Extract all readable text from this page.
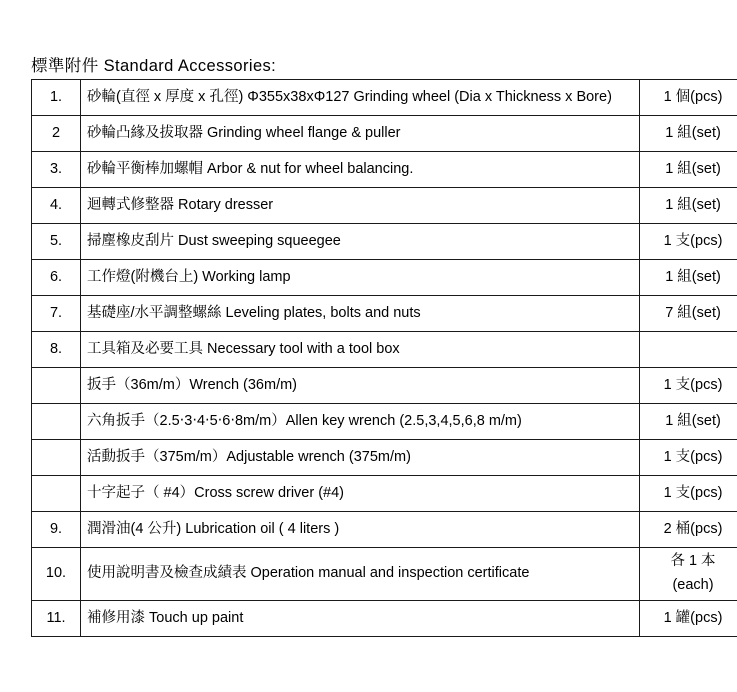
標準附件 Standard Accessories:
1.	砂輪(直徑 x 厚度 x 孔徑) Φ355x38xΦ127 Grinding wheel (Dia x Thickness x Bore)	1 個(pcs)
2	砂輪凸緣及拔取器 Grinding wheel flange & puller	1 組(set)
3.	砂輪平衡棒加螺帽 Arbor & nut for wheel balancing.	1 組(set)
4.	迴轉式修整器 Rotary dresser	1 組(set)
5.	掃塵橡皮刮片 Dust sweeping squeegee	1 支(pcs)
6.	工作燈(附機台上) Working lamp	1 組(set)
7.	基礎座/水平調整螺絲 Leveling plates, bolts and nuts	7 組(set)
8.	工具箱及必要工具 Necessary tool with a tool box	
	扳手（36m/m）Wrench (36m/m)	1 支(pcs)
	六角扳手（2.5‧3‧4‧5‧6‧8m/m）Allen key wrench (2.5,3,4,5,6,8 m/m)	1 組(set)
	活動扳手（375m/m）Adjustable wrench (375m/m)	1 支(pcs)
	十字起子（ #4）Cross screw driver (#4)	1 支(pcs)
9.	潤滑油(4 公升) Lubrication oil ( 4 liters )	2 桶(pcs)
10.	使用說明書及檢查成績表 Operation manual and inspection certificate	各 1 本
(each)

11.	補修用漆 Touch up paint	1 罐(pcs)
